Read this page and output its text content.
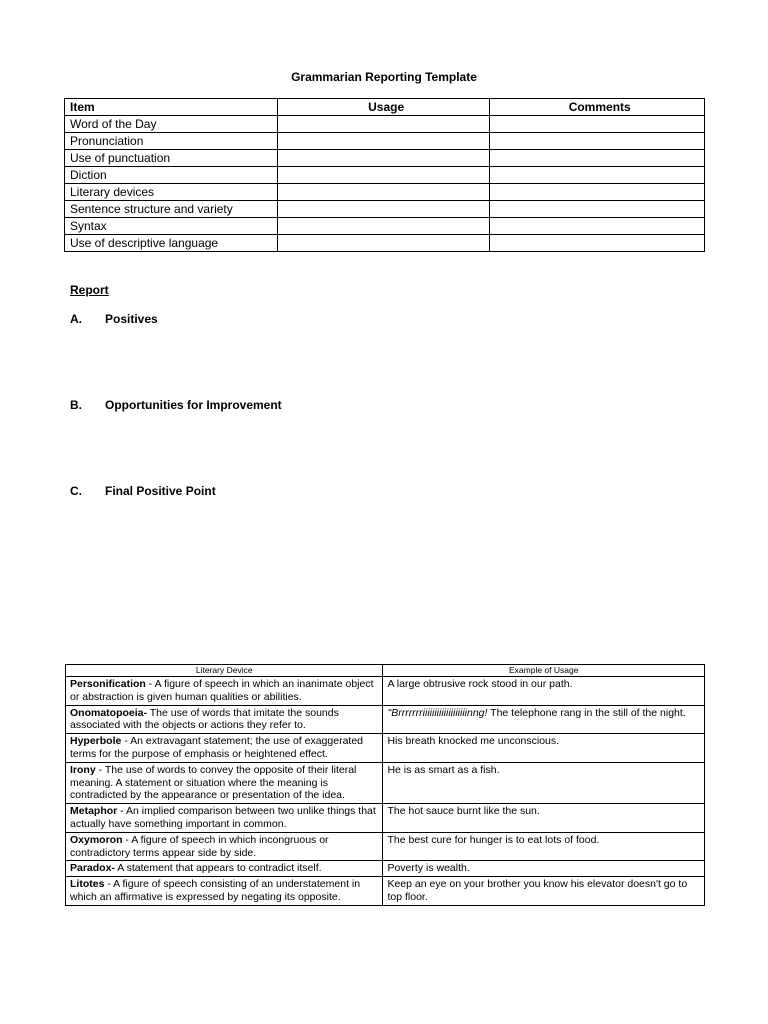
Grammarian Reporting Template
Item	Usage	Comments
Word of the Day		
Pronunciation		
Use of punctuation		
Diction		
Literary devices		
Sentence structure and variety		
Syntax		
Use of descriptive language		
Report
A. Positives
B. Opportunities for Improvement
C. Final Positive Point
Literary Device	Example of Usage
Personification - A figure of speech in which an inanimate object or abstraction is given human qualities or abilities.	A large obtrusive rock stood in our path.
Onomatopoeia- The use of words that imitate the sounds associated with the objects or actions they refer to.	"Brrrrrrriiiiiiiiiiiiiiiiiiinng! The telephone rang in the still of the night.
Hyperbole - An extravagant statement; the use of exaggerated terms for the purpose of emphasis or heightened effect.	His breath knocked me unconscious.
Irony - The use of words to convey the opposite of their literal meaning. A statement or situation where the meaning is contradicted by the appearance or presentation of the idea.	He is as smart as a fish.
Metaphor - An implied comparison between two unlike things that actually have something important in common.	The hot sauce burnt like the sun.
Oxymoron - A figure of speech in which incongruous or contradictory terms appear side by side.	The best cure for hunger is to eat lots of food.
Paradox- A statement that appears to contradict itself.	Poverty is wealth.
Litotes - A figure of speech consisting of an understatement in which an affirmative is expressed by negating its opposite.	Keep an eye on your brother you know his elevator doesn't go to top floor.
